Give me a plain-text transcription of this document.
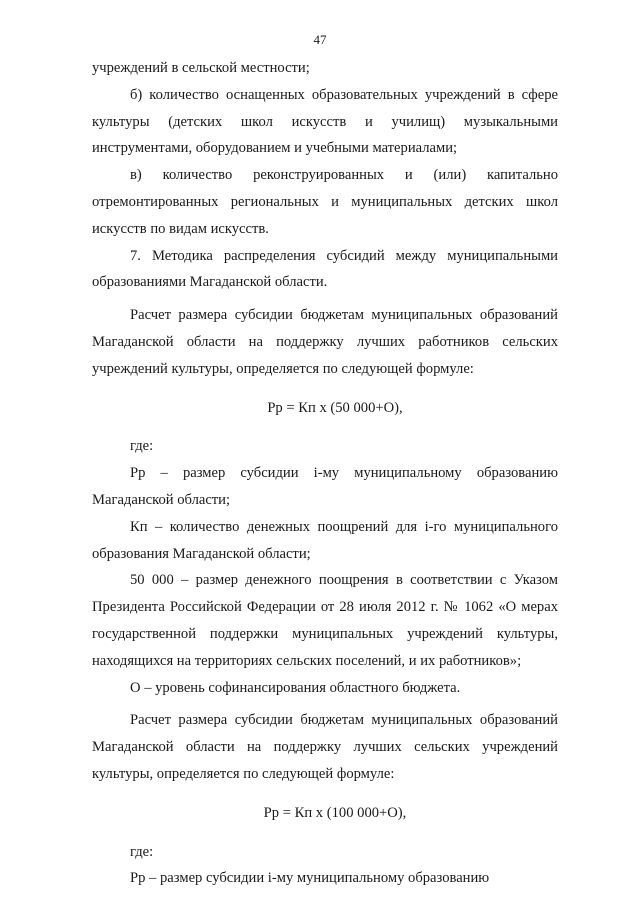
47

учреждений в сельской местности;

б) количество оснащенных образовательных учреждений в сфере культуры (детских школ искусств и училищ) музыкальными инструментами, оборудованием и учебными материалами;

в) количество реконструированных и (или) капитально отремонтированных региональных и муниципальных детских школ искусств по видам искусств.

7. Методика распределения субсидий между муниципальными образованиями Магаданской области.

Расчет размера субсидии бюджетам муниципальных образований Магаданской области на поддержку лучших работников сельских учреждений культуры, определяется по следующей формуле:

Рр = Кп х (50 000+О),

где:

Рр – размер субсидии i-му муниципальному образованию Магаданской области;

Кп – количество денежных поощрений для i-го муниципального образования Магаданской области;

50 000 – размер денежного поощрения в соответствии с Указом Президента Российской Федерации от 28 июля 2012 г. № 1062 «О мерах государственной поддержки муниципальных учреждений культуры, находящихся на территориях сельских поселений, и их работников»;

О – уровень софинансирования областного бюджета.

Расчет размера субсидии бюджетам муниципальных образований Магаданской области на поддержку лучших сельских учреждений культуры, определяется по следующей формуле:

Рр = Кп х (100 000+О),

где:

Рр – размер субсидии i-му муниципальному образованию
